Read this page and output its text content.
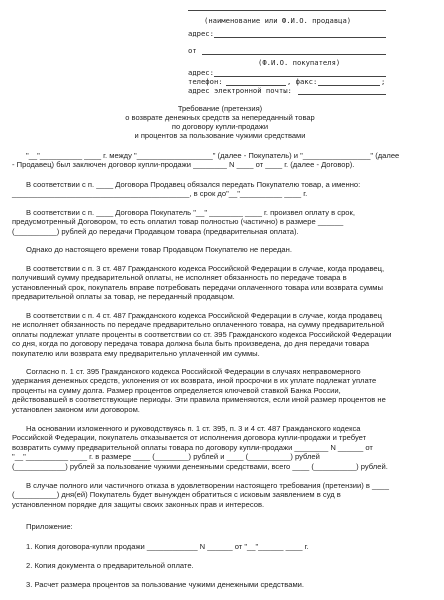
(наименование или Ф.И.О. продавца)
адрес:
от
(Ф.И.О. покупателя)
адрес:
телефон:	, факс:	;
адрес электронной почты:
Требование (претензия)
о возврате денежных средств за непереданный товар
по договору купли-продажи
и процентов за пользование чужими средствами
"__"__________ ____ г. между "__________________" (далее - Покупатель) и "________________" (далее
- Продавец) был заключен договор купли-продажи ________ N ____ от ____ г. (далее - Договор).
В соответствии с п. ____ Договора Продавец обязался передать Покупателю товар, а именно:
__________________________________________, в срок до"__"__________ ____ г.
В соответствии с п. ____ Договора Покупатель "__" ________ ____ г. произвел оплату в срок,
предусмотренный Договором, то есть оплатил товар полностью (частично) в размере ______
(__________) рублей до передачи Продавцом товара (предварительная оплата).
Однако до настоящего времени товар Продавцом Покупателю не передан.
В соответствии с п. 3 ст. 487 Гражданского кодекса Российской Федерации в случае, когда продавец,
получивший сумму предварительной оплаты, не исполняет обязанность по передаче товара в
установленный срок, покупатель вправе потребовать передачи оплаченного товара или возврата суммы
предварительной оплаты за товар, не переданный продавцом.
В соответствии с п. 4 ст. 487 Гражданского кодекса Российской Федерации в случае, когда продавец
не исполняет обязанность по передаче предварительно оплаченного товара, на сумму предварительной
оплаты подлежат уплате проценты в соответствии со ст. 395 Гражданского кодекса Российской Федерации
со дня, когда по договору передача товара должна была быть произведена, до дня передачи товара
покупателю или возврата ему предварительно уплаченной им суммы.
Согласно п. 1 ст. 395 Гражданского кодекса Российской Федерации в случаях неправомерного
удержания денежных средств, уклонения от их возврата, иной просрочки в их уплате подлежат уплате
проценты на сумму долга. Размер процентов определяется ключевой ставкой Банка России,
действовавшей в соответствующие периоды. Эти правила применяются, если иной размер процентов не
установлен законом или договором.
На основании изложенного и руководствуясь п. 1 ст. 395, п. 3 и 4 ст. 487 Гражданского кодекса
Российской Федерации, покупатель отказывается от исполнения договора купли-продажи и требует
возвратить сумму предварительной оплаты товара по договору купли-продажи ________ N ______ от
"__"__________ ____ г. в размере ____ (________) рублей и ____ (__________) рублей
(____________) рублей за пользование чужими денежными средствами, всего ____ (__________) рублей.
В случае полного или частичного отказа в удовлетворении настоящего требования (претензии) в ____
(__________) дня(ей) Покупатель будет вынужден обратиться с исковым заявлением в суд в
установленном порядке для защиты своих законных прав и интересов.
Приложение:
1. Копия договора-купли продажи ____________ N ______ от "__"______ ____ г.
2. Копия документа о предварительной оплате.
3. Расчет размера процентов за пользование чужими денежными средствами.
